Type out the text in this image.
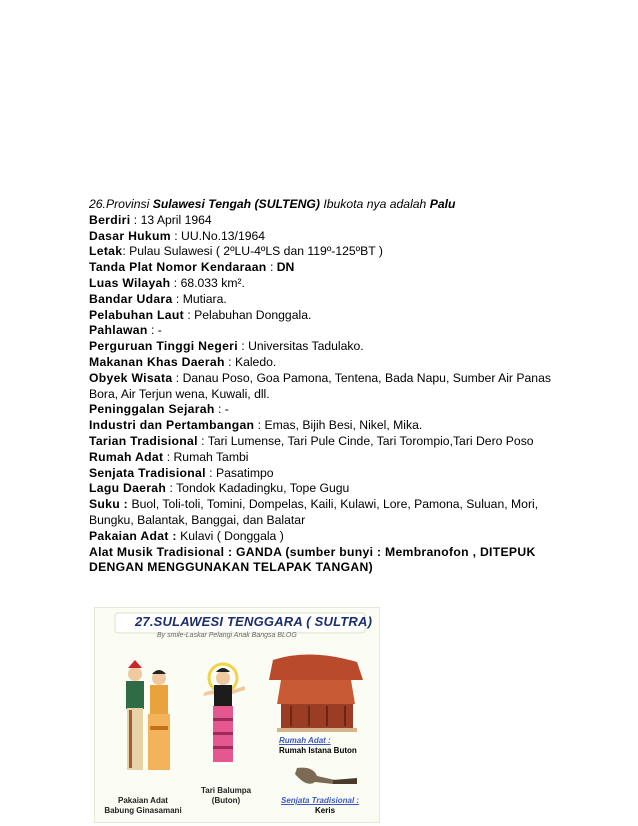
26.Provinsi Sulawesi Tengah (SULTENG) Ibukota nya adalah Palu
Berdiri : 13 April 1964
Dasar Hukum : UU.No.13/1964
Letak: Pulau Sulawesi ( 2ºLU-4ºLS dan 119º-125ºBT )
Tanda Plat Nomor Kendaraan : DN
Luas Wilayah : 68.033 km².
Bandar Udara : Mutiara.
Pelabuhan Laut : Pelabuhan Donggala.
Pahlawan : -
Perguruan Tinggi Negeri : Universitas Tadulako.
Makanan Khas Daerah : Kaledo.
Obyek Wisata : Danau Poso, Goa Pamona, Tentena, Bada Napu, Sumber Air Panas Bora, Air Terjun wena, Kuwali, dll.
Peninggalan Sejarah : -
Industri dan Pertambangan : Emas, Bijih Besi, Nikel, Mika.
Tarian Tradisional : Tari Lumense, Tari Pule Cinde, Tari Torompio,Tari Dero Poso
Rumah Adat : Rumah Tambi
Senjata Tradisional : Pasatimpo
Lagu Daerah : Tondok Kadadingku, Tope Gugu
Suku : Buol, Toli-toli, Tomini, Dompelas, Kaili, Kulawi, Lore, Pamona, Suluan, Mori, Bungku, Balantak, Banggai, dan Balatar
Pakaian Adat : Kulavi ( Donggala )
Alat Musik Tradisional : GANDA (sumber bunyi : Membranofon , DITEPUK DENGAN MENGGUNAKAN TELAPAK TANGAN)
27.SULAWESI TENGGARA ( SULTRA)
By smile-Laskar Pelangi Anak Bangsa BLOG
Pakaian Adat
Babung Ginasamani
Tari Balumpa
(Buton)
Rumah Adat :
Rumah Istana Buton
Senjata Tradisional :
Keris
